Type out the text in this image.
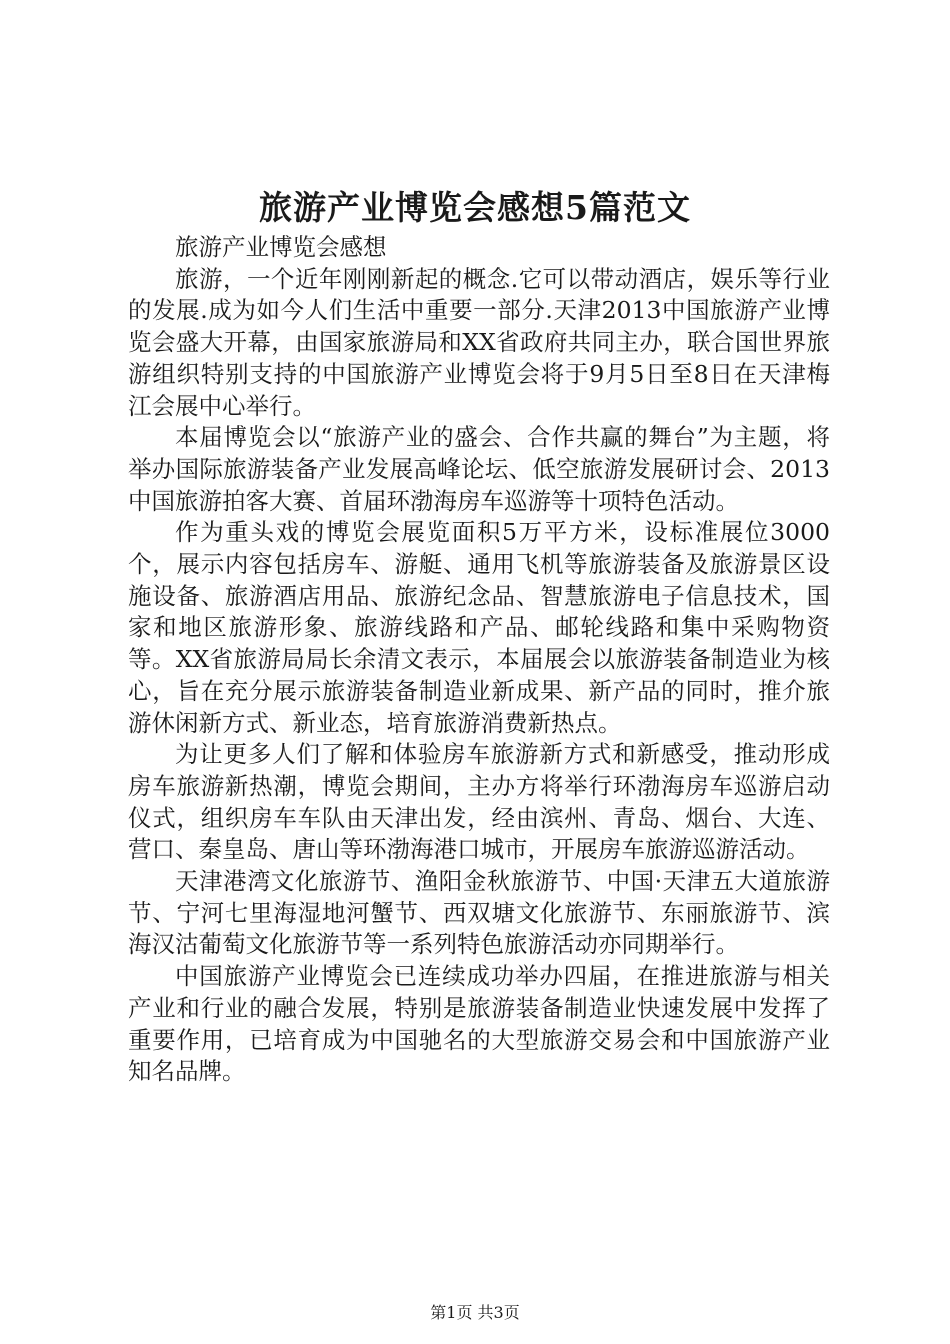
旅游产业博览会感想5篇范文

旅游产业博览会感想

旅游，一个近年刚刚新起的概念.它可以带动酒店，娱乐等行业的发展.成为如今人们生活中重要一部分.天津2013中国旅游产业博览会盛大开幕，由国家旅游局和XX省政府共同主办，联合国世界旅游组织特别支持的中国旅游产业博览会将于9月5日至8日在天津梅江会展中心举行。

本届博览会以“旅游产业的盛会、合作共赢的舞台”为主题，将举办国际旅游装备产业发展高峰论坛、低空旅游发展研讨会、2013中国旅游拍客大赛、首届环渤海房车巡游等十项特色活动。

作为重头戏的博览会展览面积5万平方米，设标准展位3000个，展示内容包括房车、游艇、通用飞机等旅游装备及旅游景区设施设备、旅游酒店用品、旅游纪念品、智慧旅游电子信息技术，国家和地区旅游形象、旅游线路和产品、邮轮线路和集中采购物资等。XX省旅游局局长余清文表示，本届展会以旅游装备制造业为核心，旨在充分展示旅游装备制造业新成果、新产品的同时，推介旅游休闲新方式、新业态，培育旅游消费新热点。

为让更多人们了解和体验房车旅游新方式和新感受，推动形成房车旅游新热潮，博览会期间，主办方将举行环渤海房车巡游启动仪式，组织房车车队由天津出发，经由滨州、青岛、烟台、大连、营口、秦皇岛、唐山等环渤海港口城市，开展房车旅游巡游活动。

天津港湾文化旅游节、渔阳金秋旅游节、中国·天津五大道旅游节、宁河七里海湿地河蟹节、西双塘文化旅游节、东丽旅游节、滨海汉沽葡萄文化旅游节等一系列特色旅游活动亦同期举行。

中国旅游产业博览会已连续成功举办四届，在推进旅游与相关产业和行业的融合发展，特别是旅游装备制造业快速发展中发挥了重要作用，已培育成为中国驰名的大型旅游交易会和中国旅游产业知名品牌。

第1页 共3页
